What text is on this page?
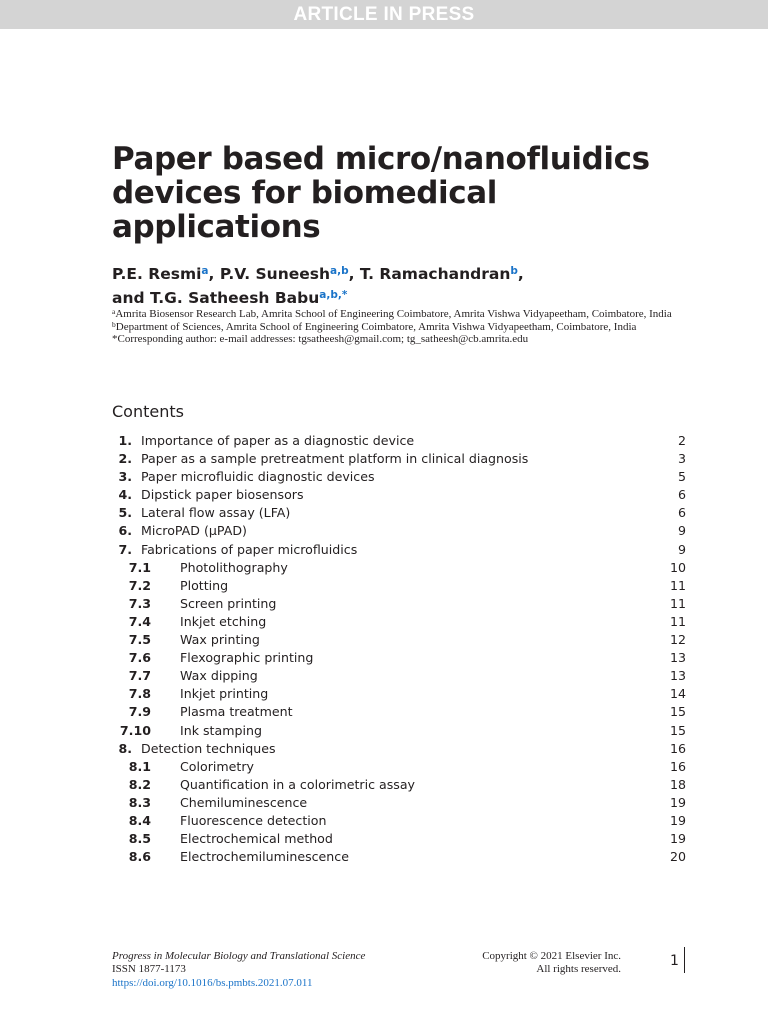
ARTICLE IN PRESS
Paper based micro/nanofluidics devices for biomedical applications
P.E. Resmi$^a$, P.V. Suneesh$^{a,b}$, T. Ramachandran$^b$,
and T.G. Satheesh Babu$^{a,b,*}$
$^a$Amrita Biosensor Research Lab, Amrita School of Engineering Coimbatore, Amrita Vishwa Vidyapeetham, Coimbatore, India
$^b$Department of Sciences, Amrita School of Engineering Coimbatore, Amrita Vishwa Vidyapeetham, Coimbatore, India
*Corresponding author: e-mail addresses: tgsatheesh@gmail.com; tg_satheesh@cb.amrita.edu
Contents
1. Importance of paper as a diagnostic device	2
2. Paper as a sample pretreatment platform in clinical diagnosis	3
3. Paper microfluidic diagnostic devices	5
4. Dipstick paper biosensors	6
5. Lateral flow assay (LFA)	6
6. MicroPAD (μPAD)	9
7. Fabrications of paper microfluidics	9
7.1 Photolithography	10
7.2 Plotting	11
7.3 Screen printing	11
7.4 Inkjet etching	11
7.5 Wax printing	12
7.6 Flexographic printing	13
7.7 Wax dipping	13
7.8 Inkjet printing	14
7.9 Plasma treatment	15
7.10 Ink stamping	15
8. Detection techniques	16
8.1 Colorimetry	16
8.2 Quantification in a colorimetric assay	18
8.3 Chemiluminescence	19
8.4 Fluorescence detection	19
8.5 Electrochemical method	19
8.6 Electrochemiluminescence	20
Progress in Molecular Biology and Translational Science
ISSN 1877-1173
https://doi.org/10.1016/bs.pmbts.2021.07.011
Copyright © 2021 Elsevier Inc.
All rights reserved.
1
